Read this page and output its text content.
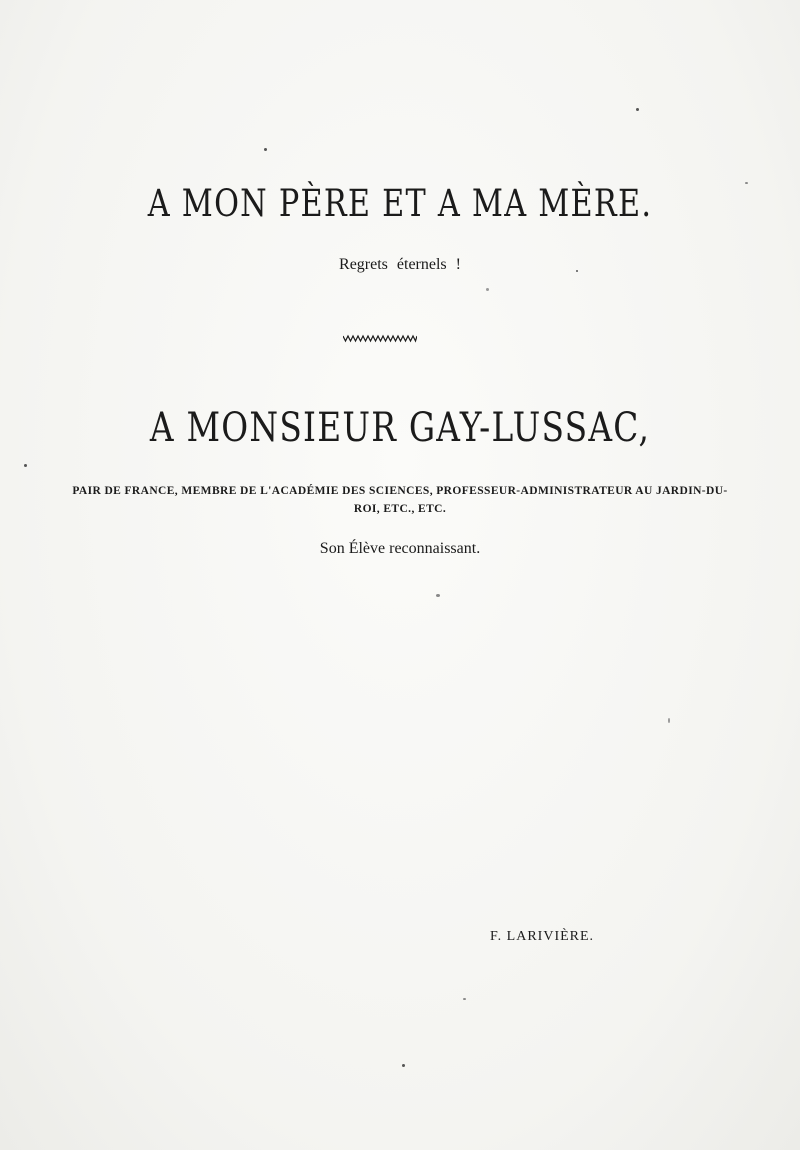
A MON PÈRE ET A MA MÈRE.
Regrets éternels !
A MONSIEUR GAY-LUSSAC,
PAIR DE FRANCE, MEMBRE DE L'ACADÉMIE DES SCIENCES, PROFESSEUR-ADMINISTRATEUR AU JARDIN-DU-ROI, ETC., ETC.
Son Élève reconnaissant.
F. LARIVIÈRE.
